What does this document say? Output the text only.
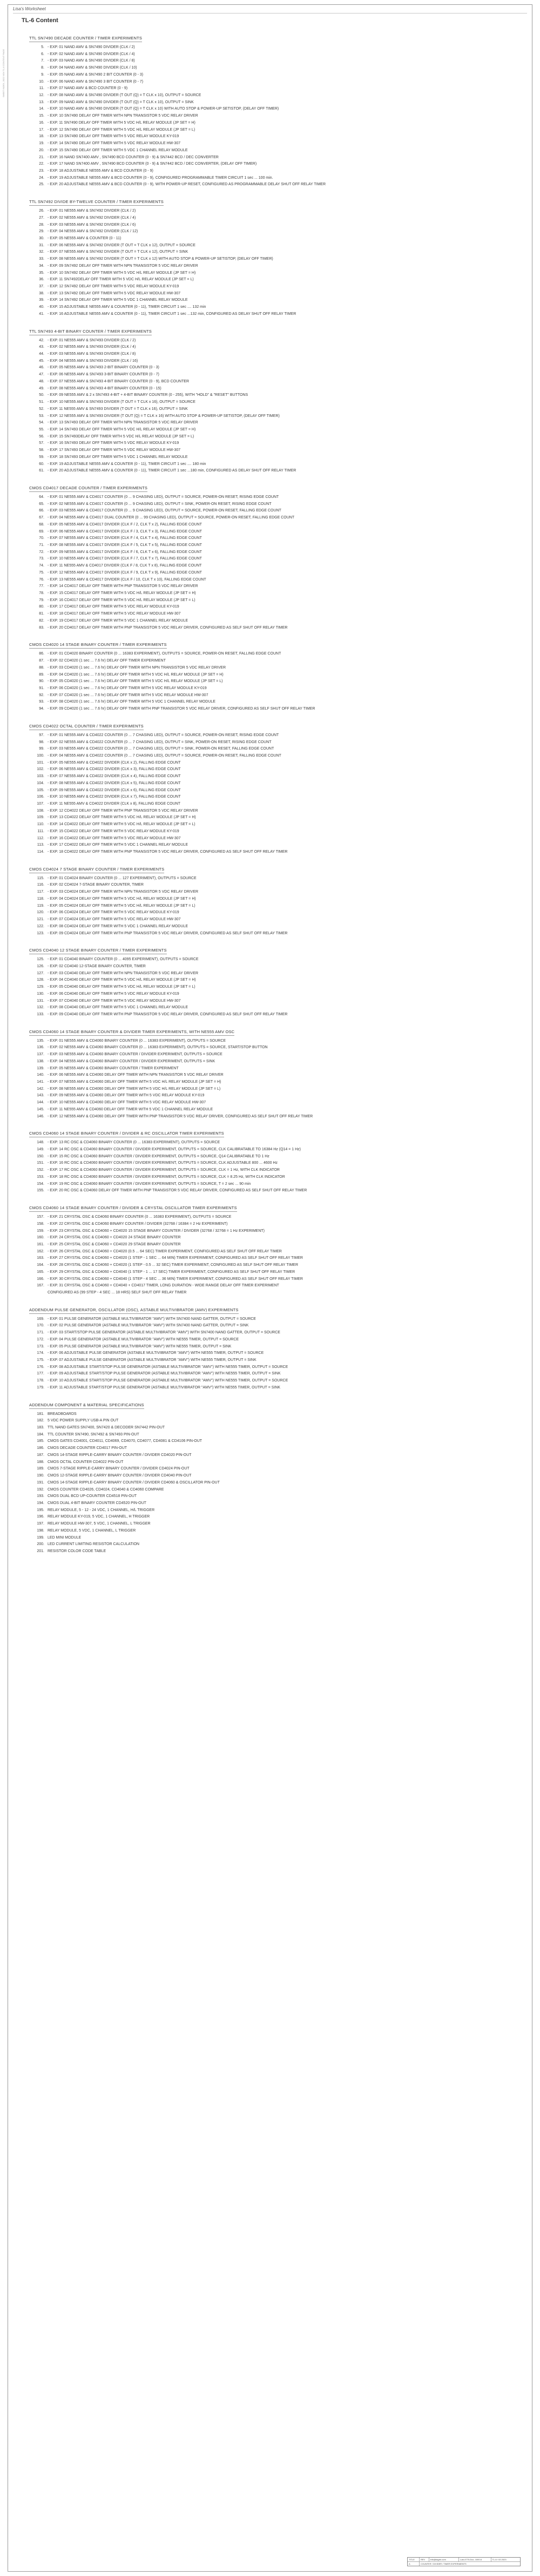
SHEET INDEX, 2022 NOV TL-6 CONTENT PAGE
Lisa's Worksheet
TL-6 Content
TTL SN7490 DECADE COUNTER / TIMER EXPERIMENTS
5. - EXP. 01 NAND AMV & SN7490 DIVIDER (CLK / 2)
6. - EXP. 02 NAND AMV & SN7490 DIVIDER (CLK / 4)
7. - EXP. 03 NAND AMV & SN7490 DIVIDER (CLK / 8)
8. - EXP. 04 NAND AMV & SN7490 DIVIDER (CLK / 10)
9. - EXP. 05 NAND AMV & SN7490 2 BIT COUNTER (0 - 3)
10. - EXP. 06 NAND AMV & SN7490 3 BIT COUNTER (0 - 7)
11. - EXP. 07 NAND AMV & BCD COUNTER (0 - 9)
12. - EXP. 08 NAND AMV & SN7490 DIVIDER (T OUT (Q) = T CLK x 10), OUTPUT = SOURCE
13. - EXP. 09 NAND AMV & SN7490 DIVIDER (T OUT (Q) = T CLK x 10), OUTPUT = SINK
14. - EXP. 10 NAND AMV & SN7490 DIVIDER (T OUT (Q) = T CLK x 10) WITH AUTO STOP & POWER-UP SETISTOP, (DELAY OFF TIMER)
15. - EXP. 10 SN7490 DELAY OFF TIMER WITH NPN TRANSISTOR 5 VDC RELAY DRIVER
16. - EXP. 11 SN7490 DELAY OFF TIMER WITH 5 VDC H/L RELAY MODULE (JP SET = H)
17. - EXP. 12 SN7490 DELAY OFF TIMER WITH 5 VDC H/L RELAY MODULE (JP SET = L)
18. - EXP. 13 SN7490 DELAY OFF TIMER WITH 5 VDC RELAY MODULE KY-019
19. - EXP. 14 SN7490 DELAY OFF TIMER WITH 5 VDC RELAY MODULE HW-307
20. - EXP. 15 SN7490 DELAY OFF TIMER WITH 5 VDC 1 CHANNEL RELAY MODULE
21. - EXP. 16 NAND SN7400 AMV , SN7490 BCD COUNTER (0 - 9) & SN7442 BCD / DEC CONVERTER
22. - EXP. 17 NAND SN7400 AMV , SN7490 BCD COUNTER (0 - 9) & SN7442 BCD / DEC CONVERTER, (DELAY OFF TIMER)
23. - EXP. 18 ADJUSTABLE NE555 AMV & BCD COUNTER (0 - 9)
24. - EXP. 19 ADJUSTABLE NE555 AMV & BCD COUNTER (0 - 9), CONFIGURED PROGRAMMABLE TIMER CIRCUIT 1 sec ... 100 min.
25. - EXP. 20 ADJUSTABLE NE555 AMV & BCD COUNTER (0 - 9), WITH POWER-UP RESET, CONFIGURED AS PROGRAMMABLE DELAY SHUT OFF RELAY TIMER
TTL SN7492 DIVIDE BY-TWELVE COUNTER / TIMER EXPERIMENTS
26. - EXP. 01 NE555 AMV & SN7492 DIVIDER (CLK / 2)
27. - EXP. 02 NE555 AMV & SN7492 DIVIDER (CLK / 4)
28. - EXP. 03 NE555 AMV & SN7492 DIVIDER (CLK / 6)
29. - EXP. 04 NE555 AMV & SN7492 DIVIDER (CLK / 12)
30. - EXP. 05 NE555 AMV & COUNTER (0 - 11)
31. - EXP. 06 NE555 AMV & SN7492 DIVIDER (T OUT = T CLK x 12), OUTPUT = SOURCE
32. - EXP. 07 NE555 AMV & SN7492 DIVIDER (T OUT = T CLK x 12), OUTPUT = SINK
33. - EXP. 08 NE555 AMV & SN7492 DIVIDER (T OUT = T CLK x 12) WITH AUTO STOP & POWER-UP SETISTOP, (DELAY OFF TIMER)
34. - EXP. 09 SN7492 DELAY OFF TIMER WITH NPN TRANSISTOR 5 VDC RELAY DRIVER
35. - EXP. 10 SN7492 DELAY OFF TIMER WITH 5 VDC H/L RELAY MODULE (JP SET = H)
36. - EXP. 11 SN7492DELAY OFF TIMER WITH 5 VDC H/L RELAY MODULE (JP SET = L)
37. - EXP. 12 SN7492 DELAY OFF TIMER WITH 5 VDC RELAY MODULE KY-019
38. - EXP. 13 SN7492 DELAY OFF TIMER WITH 5 VDC RELAY MODULE HW-307
39. - EXP. 14 SN7492 DELAY OFF TIMER WITH 5 VDC 1 CHANNEL RELAY MODULE
40. - EXP. 15 ADJUSTABLE NE555 AMV & COUNTER (0 - 11), TIMER CIRCUIT 1 sec .... 132 min
41. - EXP. 16 ADJUSTABLE NE555 AMV & COUNTER (0 - 11), TIMER CIRCUIT 1 sec ...132 min, CONFIGURED AS DELAY SHUT OFF RELAY TIMER
TTL SN7493 4-BIT BINARY COUNTER / TIMER EXPERIMENTS
42. - EXP. 01 NE555 AMV & SN7493 DIVIDER (CLK / 2)
43. - EXP. 02 NE555 AMV & SN7493 DIVIDER (CLK / 4)
44. - EXP. 03 NE555 AMV & SN7493 DIVIDER (CLK / 8)
45. - EXP. 04 NE555 AMV & SN7493 DIVIDER (CLK / 16)
46. - EXP. 05 NE555 AMV & SN7493 2-BIT BINARY COUNTER (0 - 3)
47. - EXP. 06 NE555 AMV & SN7493 3-BIT BINARY COUNTER (0 - 7)
48. - EXP. 07 NE555 AMV & SN7493 4-BIT BINARY COUNTER (0 - 9), BCD COUNTER
49. - EXP. 08 NE555 AMV & SN7493 4-BIT BINARY COUNTER (0 - 15)
50. - EXP. 09 NE555 AMV & 2 x SN7493 4-BIT + 4-BIT BINARY COUNTER (0 - 255), WITH "HOLD" & "RESET" BUTTONS
51. - EXP. 10 NE555 AMV & SN7493 DIVIDER (T OUT = T CLK x 16), OUTPUT = SOURCE
52. - EXP. 11 NE555 AMV & SN7493 DIVIDER (T OUT = T CLK x 16), OUTPUT = SINK
53. - EXP. 12 NE555 AMV & SN7493 DIVIDER (T OUT (Q) = T CLK x 16) WITH AUTO STOP & POWER-UP SETISTOP, (DELAY OFF TIMER)
54. - EXP. 13 SN7493 DELAY OFF TIMER WITH NPN TRANSISTOR 5 VDC RELAY DRIVER
55. - EXP. 14 SN7493 DELAY OFF TIMER WITH 5 VDC H/L RELAY MODULE (JP SET = H)
56. - EXP. 15 SN7493DELAY OFF TIMER WITH 5 VDC H/L RELAY MODULE (JP SET = L)
57. - EXP. 16 SN7493 DELAY OFF TIMER WITH 5 VDC RELAY MODULE KY-019
58. - EXP. 17 SN7493 DELAY OFF TIMER WITH 5 VDC RELAY MODULE HW-307
59. - EXP. 18 SN7493 DELAY OFF TIMER WITH 5 VDC 1 CHANNEL RELAY MODULE
60. - EXP. 19 ADJUSTABLE NE555 AMV & COUNTER (0 - 11), TIMER CIRCUIT 1 sec .... 180 min
61. - EXP. 20 ADJUSTABLE NE555 AMV & COUNTER (0 - 11), TIMER CIRCUIT 1 sec ...180 min, CONFIGURED AS DELAY SHUT OFF RELAY TIMER
CMOS CD4017 DECADE COUNTER / TIMER EXPERIMENTS
64. - EXP. 01 NE555 AMV & CD4017 COUNTER (0 ... 9 CHASING LED), OUTPUT = SOURCE, POWER-ON RESET, RISING EDGE COUNT
65. - EXP. 02 NE555 AMV & CD4017 COUNTER (0 ... 9 CHASING LED), OUTPUT = SINK, POWER-ON RESET, RISING EDGE COUNT
66. - EXP. 03 NE555 AMV & CD4017 COUNTER (0 ... 9 CHASING LED), OUTPUT = SOURCE, POWER-ON RESET, FALLING EDGE COUNT
67. - EXP. 04 NE555 AMV & CD4017 DUAL COUNTER (0 ... 99 CHASING LED), OUTPUT = SOURCE, POWER-ON RESET, FALLING EDGE COUNT
68. - EXP. 05 NE555 AMV & CD4017 DIVIDER (CLK F / 2, CLK T x 2), FALLING EDGE COUNT
69. - EXP. 06 NE555 AMV & CD4017 DIVIDER (CLK F / 3, CLK T x 3), FALLING EDGE COUNT
70. - EXP. 07 NE555 AMV & CD4017 DIVIDER (CLK F / 4, CLK T x 4), FALLING EDGE COUNT
71. - EXP. 08 NE555 AMV & CD4017 DIVIDER (CLK F / 5, CLK T x 5), FALLING EDGE COUNT
72. - EXP. 09 NE555 AMV & CD4017 DIVIDER (CLK F / 6, CLK T x 6), FALLING EDGE COUNT
73. - EXP. 10 NE555 AMV & CD4017 DIVIDER (CLK F / 7, CLK T x 7), FALLING EDGE COUNT
74. - EXP. 11 NE555 AMV & CD4017 DIVIDER (CLK F / 8, CLK T x 8), FALLING EDGE COUNT
75. - EXP. 12 NE555 AMV & CD4017 DIVIDER (CLK F / 9, CLK T x 9), FALLING EDGE COUNT
76. - EXP. 13 NE555 AMV & CD4017 DIVIDER (CLK F / 10, CLK T x 10), FALLING EDGE COUNT
77. - EXP. 14 CD4017 DELAY OFF TIMER WITH PNP TRANSISTOR 5 VDC RELAY DRIVER
78. - EXP. 15 CD4017 DELAY OFF TIMER WITH 5 VDC H/L RELAY MODULE (JP SET = H)
79. - EXP. 16 CD4017 DELAY OFF TIMER WITH 5 VDC H/L RELAY MODULE (JP SET = L)
80. - EXP. 17 CD4017 DELAY OFF TIMER WITH 5 VDC RELAY MODULE KY-019
81. - EXP. 18 CD4017 DELAY OFF TIMER WITH 5 VDC RELAY MODULE HW-307
82. - EXP. 19 CD4017 DELAY OFF TIMER WITH 5 VDC 1 CHANNEL RELAY MODULE
83. - EXP. 20 CD4017 DELAY OFF TIMER WITH PNP TRANSISTOR 5 VDC RELAY DRIVER, CONFIGURED AS SELF SHUT OFF RELAY TIMER
CMOS CD4020 14 STAGE BINARY COUNTER / TIMER EXPERIMENTS
86. - EXP. 01 CD4020 BINARY COUNTER (0 ... 16383 EXPERIMENT), OUTPUTS = SOURCE, POWER-ON RESET, FALLING EDGE COUNT
87. - EXP. 02 CD4020 (1 sec ... 7.6 hr) DELAY OFF TIMER EXPERIMENT
88. - EXP. 03 CD4020 (1 sec ... 7.6 hr) DELAY OFF TIMER WITH NPN TRANSISTOR 5 VDC RELAY DRIVER
89. - EXP. 04 CD4020 (1 sec ... 7.6 hr) DELAY OFF TIMER WITH 5 VDC H/L RELAY MODULE (JP SET = H)
90. - EXP. 05 CD4020 (1 sec ... 7.6 hr) DELAY OFF TIMER WITH 5 VDC H/L RELAY MODULE (JP SET = L)
91. - EXP. 06 CD4020 (1 sec ... 7.6 hr) DELAY OFF TIMER WITH 5 VDC RELAY MODULE KY-019
92. - EXP. 07 CD4020 (1 sec ... 7.6 hr) DELAY OFF TIMER WITH 5 VDC RELAY MODULE HW-307
93. - EXP. 08 CD4020 (1 sec ... 7.6 hr) DELAY OFF TIMER WITH 5 VDC 1 CHANNEL RELAY MODULE
94. - EXP. 09 CD4020 (1 sec ... 7.6 hr) DELAY OFF TIMER WITH PNP TRANSISTOR 5 VDC RELAY DRIVER, CONFIGURED AS SELF SHUT OFF RELAY TIMER
CMOS CD4022 OCTAL COUNTER / TIMER EXPERIMENTS
97. - EXP. 01 NE555 AMV & CD4022 COUNTER (0 ... 7 CHASING LED), OUTPUT = SOURCE, POWER-ON RESET, RISING EDGE COUNT
98. - EXP. 02 NE555 AMV & CD4022 COUNTER (0 ... 7 CHASING LED), OUTPUT = SINK, POWER-ON RESET, RISING EDGE COUNT
99. - EXP. 03 NE555 AMV & CD4022 COUNTER (0 ... 7 CHASING LED), OUTPUT = SINK, POWER-ON RESET, FALLING EDGE COUNT
100. - EXP. 04 NE555 AMV & CD4022 COUNTER (0 ... 7 CHASING LED), OUTPUT = SOURCE, POWER-ON RESET, FALLING EDGE COUNT
101. - EXP. 05 NE555 AMV & CD4022 DIVIDER (CLK x 2), FALLING EDGE COUNT
102. - EXP. 06 NE555 AMV & CD4022 DIVIDER (CLK x 3), FALLING EDGE COUNT
103. - EXP. 07 NE555 AMV & CD4022 DIVIDER (CLK x 4), FALLING EDGE COUNT
104. - EXP. 08 NE555 AMV & CD4022 DIVIDER (CLK x 5), FALLING EDGE COUNT
105. - EXP. 09 NE555 AMV & CD4022 DIVIDER (CLK x 6), FALLING EDGE COUNT
106. - EXP. 10 NE555 AMV & CD4022 DIVIDER (CLK x 7), FALLING EDGE COUNT
107. - EXP. 11 NE555 AMV & CD4022 DIVIDER (CLK x 8), FALLING EDGE COUNT
108. - EXP. 12 CD4022 DELAY OFF TIMER WITH PNP TRANSISTOR 5 VDC RELAY DRIVER
109. - EXP. 13 CD4022 DELAY OFF TIMER WITH 5 VDC H/L RELAY MODULE (JP SET = H)
110. - EXP. 14 CD4022 DELAY OFF TIMER WITH 5 VDC H/L RELAY MODULE (JP SET = L)
111. - EXP. 15 CD4022 DELAY OFF TIMER WITH 5 VDC RELAY MODULE KY-019
112. - EXP. 16 CD4022 DELAY OFF TIMER WITH 5 VDC RELAY MODULE HW-307
113. - EXP. 17 CD4022 DELAY OFF TIMER WITH 5 VDC 1 CHANNEL RELAY MODULE
114. - EXP. 18 CD4022 DELAY OFF TIMER WITH PNP TRANSISTOR 5 VDC RELAY DRIVER, CONFIGURED AS SELF SHUT OFF RELAY TIMER
CMOS CD4024 7 STAGE BINARY COUNTER / TIMER EXPERIMENTS
115. - EXP. 01 CD4024 BINARY COUNTER (0 ... 127 EXPERIMENT), OUTPUTS = SOURCE
116. - EXP. 02 CD4024 7-STAGE BINARY COUNTER, TIMER
117. - EXP. 03 CD4024 DELAY OFF TIMER WITH NPN TRANSISTOR 5 VDC RELAY DRIVER
118. - EXP. 04 CD4024 DELAY OFF TIMER WITH 5 VDC H/L RELAY MODULE (JP SET = H)
119. - EXP. 05 CD4024 DELAY OFF TIMER WITH 5 VDC H/L RELAY MODULE (JP SET = L)
120. - EXP. 06 CD4024 DELAY OFF TIMER WITH 5 VDC RELAY MODULE KY-019
121. - EXP. 07 CD4024 DELAY OFF TIMER WITH 5 VDC RELAY MODULE HW-307
122. - EXP. 08 CD4024 DELAY OFF TIMER WITH 5 VDC 1 CHANNEL RELAY MODULE
123. - EXP. 09 CD4024 DELAY OFF TIMER WITH PNP TRANSISTOR 5 VDC RELAY DRIVER, CONFIGURED AS SELF SHUT OFF RELAY TIMER
CMOS CD4040 12 STAGE BINARY COUNTER / TIMER EXPERIMENTS
125. - EXP. 01 CD4040 BINARY COUNTER (0 ... 4095 EXPERIMENT), OUTPUTS = SOURCE
126. - EXP. 02 CD4040 12-STAGE BINARY COUNTER, TIMER
127. - EXP. 03 CD4040 DELAY OFF TIMER WITH NPN TRANSISTOR 5 VDC RELAY DRIVER
128. - EXP. 04 CD4040 DELAY OFF TIMER WITH 5 VDC H/L RELAY MODULE (JP SET = H)
129. - EXP. 05 CD4040 DELAY OFF TIMER WITH 5 VDC H/L RELAY MODULE (JP SET = L)
130. - EXP. 06 CD4040 DELAY OFF TIMER WITH 5 VDC RELAY MODULE KY-019
131. - EXP. 07 CD4040 DELAY OFF TIMER WITH 5 VDC RELAY MODULE HW-307
132. - EXP. 08 CD4040 DELAY OFF TIMER WITH 5 VDC 1 CHANNEL RELAY MODULE
133. - EXP. 09 CD4040 DELAY OFF TIMER WITH PNP TRANSISTOR 5 VDC RELAY DRIVER, CONFIGURED AS SELF SHUT OFF RELAY TIMER
CMOS CD4060 14 STAGE BINARY COUNTER & DIVIDER TIMER EXPERIMENTS, WITH NE555 AMV OSC
135. - EXP. 01 NE555 AMV & CD4060 BINARY COUNTER (0 ... 16383 EXPERIMENT), OUTPUTS = SOURCE
136. - EXP. 02 NE555 AMV & CD4060 BINARY COUNTER (0 ... 16383 EXPERIMENT), OUTPUTS = SOURCE, START/STOP BUTTON
137. - EXP. 03 NE555 AMV & CD4060 BINARY COUNTER / DIVIDER EXPERIMENT, OUTPUTS = SOURCE
138. - EXP. 04 NE555 AMV & CD4060 BINARY COUNTER / DIVIDER EXPERIMENT, OUTPUTS = SINK
139. - EXP. 05 NE555 AMV & CD4060 BINARY COUNTER / TIMER EXPERIMENT
140. - EXP. 06 NE555 AMV & CD4060 DELAY OFF TIMER WITH NPN TRANSISTOR 5 VDC RELAY DRIVER
141. - EXP. 07 NE555 AMV & CD4060 DELAY OFF TIMER WITH 5 VDC H/L RELAY MODULE (JP SET = H)
142. - EXP. 08 NE555 AMV & CD4060 DELAY OFF TIMER WITH 5 VDC H/L RELAY MODULE (JP SET = L)
143. - EXP. 09 NE555 AMV & CD4060 DELAY OFF TIMER WITH 5 VDC RELAY MODULE KY-019
144. - EXP. 10 NE555 AMV & CD4060 DELAY OFF TIMER WITH 5 VDC RELAY MODULE HW-307
145. - EXP. 11 NE555 AMV & CD4060 DELAY OFF TIMER WITH 5 VDC 1 CHANNEL RELAY MODULE
146. - EXP. 12 NE555 AMV & CD4060 DELAY OFF TIMER WITH PNP TRANSISTOR 5 VDC RELAY DRIVER, CONFIGURED AS SELF SHUT OFF RELAY TIMER
CMOS CD4060 14 STAGE BINARY COUNTER / DIVIDER & RC OSCILLATOR TIMER EXPERIMENTS
148. - EXP. 13 RC OSC & CD4060 BINARY COUNTER (0 ... 16383 EXPERIMENT), OUTPUTS = SOURCE
149. - EXP. 14 RC OSC & CD4060 BINARY COUNTER / DIVIDER EXPERIMENT, OUTPUTS = SOURCE, CLK CALIBRATABLE TO 16384 Hz (Q14 = 1 Hz)
150. - EXP. 15 RC OSC & CD4060 BINARY COUNTER / DIVIDER EXPERIMENT, OUTPUTS = SOURCE, Q14 CALIBRATABLE TO 1 Hz
151. - EXP. 16 RC OSC & CD4060 BINARY COUNTER / DIVIDER EXPERIMENT, OUTPUTS = SOURCE, CLK ADJUSTABLE 800 ... 4600 Hz
152. - EXP. 17 RC OSC & CD4060 BINARY COUNTER / DIVIDER EXPERIMENT, OUTPUTS = SOURCE, CLK = 1 Hz, WITH CLK INDICATOR
153. - EXP. 18 RC OSC & CD4060 BINARY COUNTER / DIVIDER EXPERIMENT, OUTPUTS = SOURCE, CLK = 8.25 Hz, WITH CLK INDICATOR
154. - EXP. 19 RC OSC & CD4060 BINARY COUNTER / DIVIDER EXPERIMENT, OUTPUTS = SOURCE, T = 2 sec ... 90 min
155. - EXP. 20 RC OSC & CD4060 DELAY OFF TIMER WITH PNP TRANSISTOR 5 VDC RELAY DRIVER, CONFIGURED AS SELF SHUT OFF RELAY TIMER
CMOS CD4060 14 STAGE BINARY COUNTER / DIVIDER & CRYSTAL OSCILLATOR TIMER EXPERIMENTS
157. - EXP. 21 CRYSTAL OSC & CD4060 BINARY COUNTER (0 ... 16383 EXPERIMENT), OUTPUTS = SOURCE
158. - EXP. 22 CRYSTAL OSC & CD4060 BINARY COUNTER / DIVIDER (32768 / 16384 = 2 Hz EXPERIMENT)
159. - EXP. 23 CRYSTAL OSC & CD4060 + CD4020 15 STAGE BINARY COUNTER / DIVIDER (32768 / 32768 = 1 Hz EXPERIMENT)
160. - EXP. 24 CRYSTAL OSC & CD4060 + CD4020 24 STAGE BINARY COUNTER
161. - EXP. 25 CRYSTAL OSC & CD4060 + CD4020 29 STAGE BINARY COUNTER
162. - EXP. 26 CRYSTAL OSC & CD4060 + CD4020 (0.5 ... 64 SEC) TIMER EXPERIMENT, CONFIGURED AS SELF SHUT OFF RELAY TIMER
163. - EXP. 27 CRYSTAL OSC & CD4060 + CD4020 (1 STEP - 1 SEC ... 64 MIN) TIMER EXPERIMENT, CONFIGURED AS SELF SHUT OFF RELAY TIMER
164. - EXP. 28 CRYSTAL OSC & CD4060 + CD4020 (1 STEP - 0.5 ... 32 SEC) TIMER EXPERIMENT, CONFIGURED AS SELF SHUT OFF RELAY TIMER
165. - EXP. 29 CRYSTAL OSC & CD4060 + CD4040 (1 STEP - 1 ... 17 SEC) TIMER EXPERIMENT, CONFIGURED AS SELF SHUT OFF RELAY TIMER
166. - EXP. 30 CRYSTAL OSC & CD4060 + CD4040 (1 STEP - 4 SEC ... 36 MIN) TIMER EXPERIMENT, CONFIGURED AS SELF SHUT OFF RELAY TIMER
167. - EXP. 31 CRYSTAL OSC & CD4060 + CD4040 + CD4017 TIMER, LONG DURATION - WIDE RANGE DELAY OFF TIMER EXPERIMENT
CONFIGURED AS (99 STEP - 4 SEC ... 18 HRS) SELF SHUT OFF RELAY TIMER
ADDENDUM PULSE GENERATOR, OSCILLATOR (OSC), ASTABLE MULTIVIBRATOR (AMV) EXPERIMENTS
169. - EXP. 01 PULSE GENERATOR (ASTABLE MULTIVIBRATOR "AMV") WITH SN7400 NAND GATTER, OUTPUT = SOURCE
170. - EXP. 02 PULSE GENERATOR (ASTABLE MULTIVIBRATOR "AMV") WITH SN7400 NAND GATTER, OUTPUT = SINK
171. - EXP. 03 START/STOP PULSE GENERATOR (ASTABLE MULTIVIBRATOR "AMV") WITH SN7400 NAND GATTER, OUTPUT = SOURCE
172. - EXP. 04 PULSE GENERATOR (ASTABLE MULTIVIBRATOR "AMV") WITH NE555 TIMER, OUTPUT = SOURCE
173. - EXP. 05 PULSE GENERATOR (ASTABLE MULTIVIBRATOR "AMV") WITH NE555 TIMER, OUTPUT = SINK
174. - EXP. 06 ADJUSTABLE PULSE GENERATOR (ASTABLE MULTIVIBRATOR "AMV") WITH NE555 TIMER, OUTPUT = SOURCE
175. - EXP. 07 ADJUSTABLE PULSE GENERATOR (ASTABLE MULTIVIBRATOR "AMV") WITH NE555 TIMER, OUTPUT = SINK
176. - EXP. 08 ADJUSTABLE START/STOP PULSE GENERATOR (ASTABLE MULTIVIBRATOR "AMV") WITH NE555 TIMER, OUTPUT = SOURCE
177. - EXP. 09 ADJUSTABLE START/STOP PULSE GENERATOR (ASTABLE MULTIVIBRATOR "AMV") WITH NE555 TIMER, OUTPUT = SINK
178. - EXP. 10 ADJUSTABLE START/STOP PULSE GENERATOR (ASTABLE MULTIVIBRATOR "AMV") WITH NE555 TIMER, OUTPUT = SOURCE
179. - EXP. 11 ADJUSTABLE START/STOP PULSE GENERATOR (ASTABLE MULTIVIBRATOR "AMV") WITH NE555 TIMER, OUTPUT = SINK
ADDENDUM COMPONENT & MATERIAL SPECIFICATIONS
181. BREADBOARDS
182. 5 VDC POWER SUPPLY USB-A PIN OUT
183. TTL NAND GATES SN7400, SN7420 & DECODER SN7442 PIN-OUT
184. TTL COUNTER SN7490, SN7492 & SN7493 PIN-OUT
185. CMOS GATES CD4001, CD4011, CD4069, CD4070, CD4077, CD4081 & CD4106 PIN-OUT
186. CMOS DECADE COUNTER CD4017 PIN-OUT
187. CMOS 14-STAGE RIPPLE-CARRY BINARY COUNTER / DIVIDER CD4020 PIN-OUT
188. CMOS OCTAL COUNTER CD4022 PIN-OUT
189. CMOS 7-STAGE RIPPLE-CARRY BINARY COUNTER / DIVIDER CD4024 PIN-OUT
190. CMOS 12-STAGE RIPPLE-CARRY BINARY COUNTER / DIVIDER CD4040 PIN-OUT
191. CMOS 14-STAGE RIPPLE-CARRY BINARY COUNTER / DIVIDER CD4060 & OSCILLATOR PIN-OUT
192. CMOS COUNTER CD4026, CD4024, CD4040 & CD4060 COMPARE
193. CMOS DUAL BCD UP-COUNTER CD4518 PIN-OUT
194. CMOS DUAL 4-BIT BINARY COUNTER CD4520 PIN-OUT
195. RELAY MODULE, 5 - 12 - 24 VDC, 1 CHANNEL, H/L TRIGGER
196. RELAY MODULE KY-019, 5 VDC, 1 CHANNEL, H TRIGGER
197. RELAY MODULE HW-307, 5 VDC, 1 CHANNEL, L TRIGGER
198. RELAY MODULE, 5 VDC, 1 CHANNEL, L TRIGGER
199. LED MINI MODULE
200. LED CURRENT LIMITING RESISTOR CALCULATION
201. RESISTOR COLOR CODE TABLE
TITLE	REV	info@tagrin.com	Lab-4770-Doc, 1000-6	TL-6 / 02.2023
A	COUNTER / DIVIDER / TIMER EXPERIMENTS
